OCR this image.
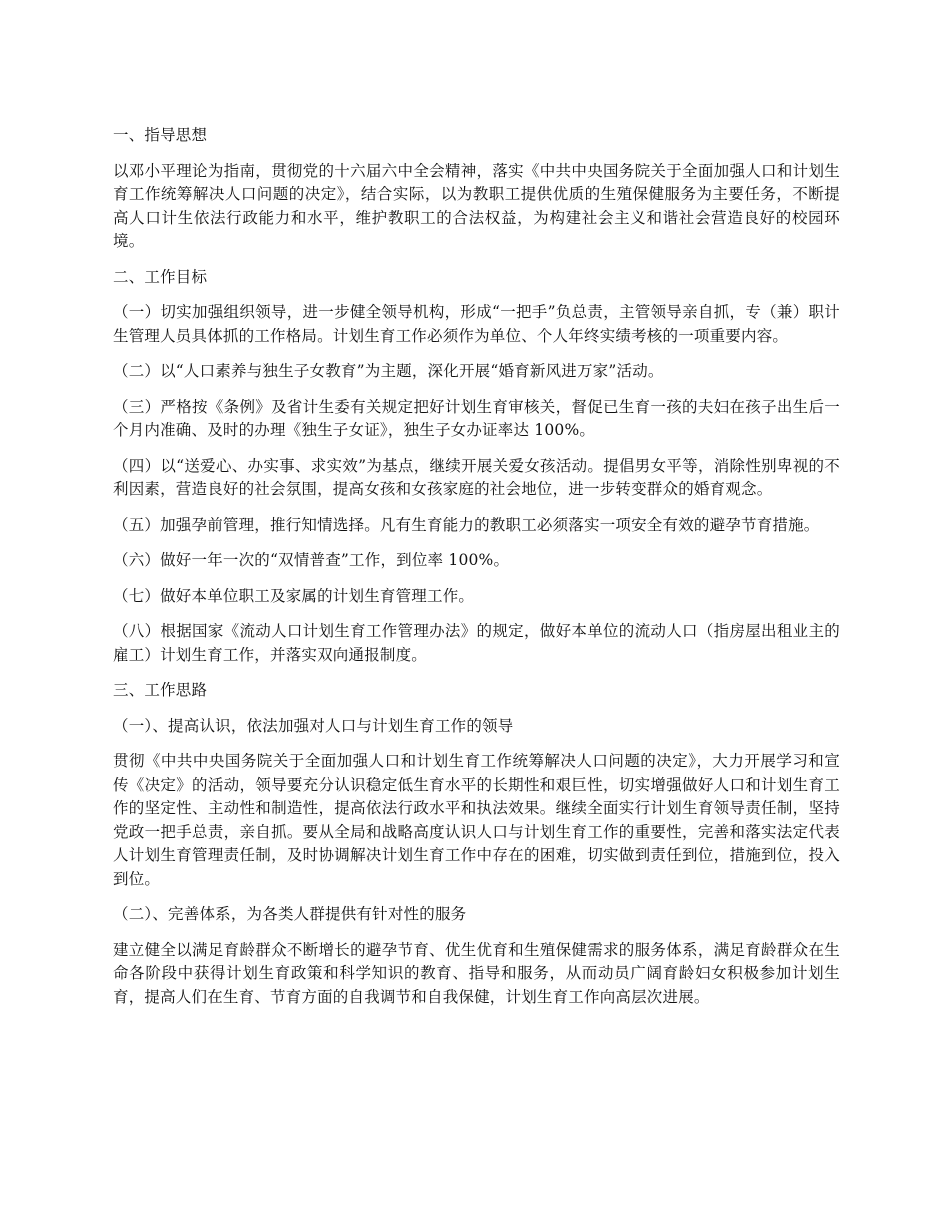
一、指导思想

以邓小平理论为指南，贯彻党的十六届六中全会精神，落实《中共中央国务院关于全面加强人口和计划生育工作统筹解决人口问题的决定》，结合实际，以为教职工提供优质的生殖保健服务为主要任务，不断提高人口计生依法行政能力和水平，维护教职工的合法权益，为构建社会主义和谐社会营造良好的校园环境。

二、工作目标

（一）切实加强组织领导，进一步健全领导机构，形成“一把手”负总责，主管领导亲自抓，专（兼）职计生管理人员具体抓的工作格局。计划生育工作必须作为单位、个人年终实绩考核的一项重要内容。

（二）以“人口素养与独生子女教育”为主题，深化开展“婚育新风进万家”活动。

（三）严格按《条例》及省计生委有关规定把好计划生育审核关，督促已生育一孩的夫妇在孩子出生后一个月内准确、及时的办理《独生子女证》，独生子女办证率达 100%。

（四）以“送爱心、办实事、求实效”为基点，继续开展关爱女孩活动。提倡男女平等，消除性别卑视的不利因素，营造良好的社会氛围，提高女孩和女孩家庭的社会地位，进一步转变群众的婚育观念。

（五）加强孕前管理，推行知情选择。凡有生育能力的教职工必须落实一项安全有效的避孕节育措施。

（六）做好一年一次的“双情普查”工作，到位率 100%。

（七）做好本单位职工及家属的计划生育管理工作。

（八）根据国家《流动人口计划生育工作管理办法》的规定，做好本单位的流动人口（指房屋出租业主的雇工）计划生育工作，并落实双向通报制度。

三、工作思路

（一）、提高认识，依法加强对人口与计划生育工作的领导

贯彻《中共中央国务院关于全面加强人口和计划生育工作统筹解决人口问题的决定》，大力开展学习和宣传《决定》的活动，领导要充分认识稳定低生育水平的长期性和艰巨性，切实增强做好人口和计划生育工作的坚定性、主动性和制造性，提高依法行政水平和执法效果。继续全面实行计划生育领导责任制，坚持党政一把手总责，亲自抓。要从全局和战略高度认识人口与计划生育工作的重要性，完善和落实法定代表人计划生育管理责任制，及时协调解决计划生育工作中存在的困难，切实做到责任到位，措施到位，投入到位。

（二）、完善体系，为各类人群提供有针对性的服务

建立健全以满足育龄群众不断增长的避孕节育、优生优育和生殖保健需求的服务体系，满足育龄群众在生命各阶段中获得计划生育政策和科学知识的教育、指导和服务，从而动员广阔育龄妇女积极参加计划生育，提高人们在生育、节育方面的自我调节和自我保健，计划生育工作向高层次进展。
